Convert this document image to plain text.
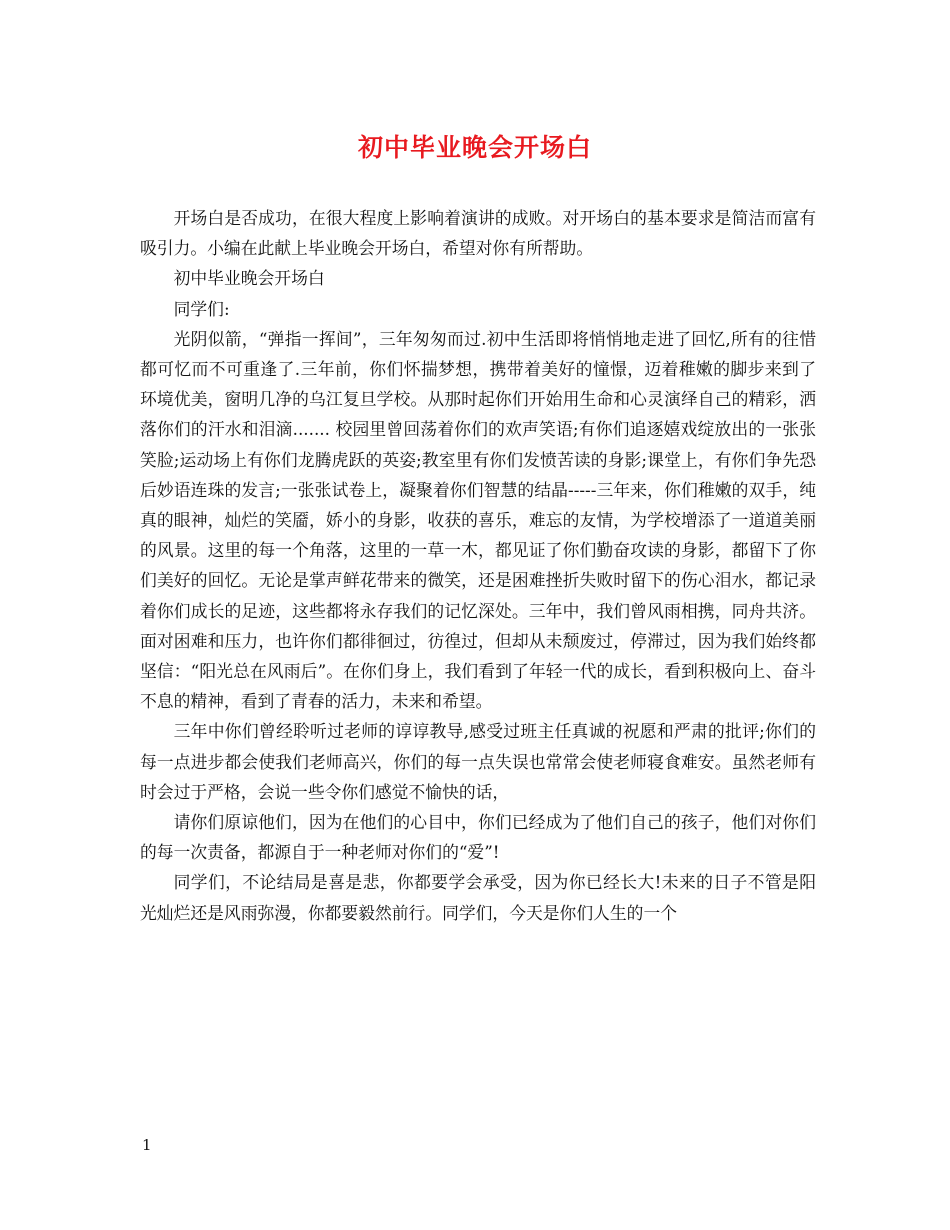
初中毕业晚会开场白

开场白是否成功，在很大程度上影响着演讲的成败。对开场白的基本要求是简洁而富有吸引力。小编在此献上毕业晚会开场白，希望对你有所帮助。

初中毕业晚会开场白

同学们:

光阴似箭，“弹指一挥间”，三年匆匆而过.初中生活即将悄悄地走进了回忆,所有的往惜都可忆而不可重逢了.三年前，你们怀揣梦想，携带着美好的憧憬，迈着稚嫩的脚步来到了环境优美，窗明几净的乌江复旦学校。从那时起你们开始用生命和心灵演绎自己的精彩，洒落你们的汗水和泪滴....... 校园里曾回荡着你们的欢声笑语;有你们追逐嬉戏绽放出的一张张笑脸;运动场上有你们龙腾虎跃的英姿;教室里有你们发愤苦读的身影;课堂上，有你们争先恐后妙语连珠的发言;一张张试卷上，凝聚着你们智慧的结晶-----三年来，你们稚嫩的双手，纯真的眼神，灿烂的笑靥，娇小的身影，收获的喜乐，难忘的友情，为学校增添了一道道美丽的风景。这里的每一个角落，这里的一草一木，都见证了你们勤奋攻读的身影，都留下了你们美好的回忆。无论是掌声鲜花带来的微笑，还是困难挫折失败时留下的伤心泪水，都记录着你们成长的足迹，这些都将永存我们的记忆深处。三年中，我们曾风雨相携，同舟共济。面对困难和压力，也许你们都徘徊过，彷徨过，但却从未颓废过，停滞过，因为我们始终都坚信：“阳光总在风雨后”。在你们身上，我们看到了年轻一代的成长，看到积极向上、奋斗不息的精神，看到了青春的活力，未来和希望。

三年中你们曾经聆听过老师的谆谆教导,感受过班主任真诚的祝愿和严肃的批评;你们的每一点进步都会使我们老师高兴，你们的每一点失误也常常会使老师寝食难安。虽然老师有时会过于严格，会说一些令你们感觉不愉快的话，

请你们原谅他们，因为在他们的心目中，你们已经成为了他们自己的孩子，他们对你们的每一次责备，都源自于一种老师对你们的“爱”!

同学们，不论结局是喜是悲，你都要学会承受，因为你已经长大!未来的日子不管是阳光灿烂还是风雨弥漫，你都要毅然前行。同学们，今天是你们人生的一个

1
